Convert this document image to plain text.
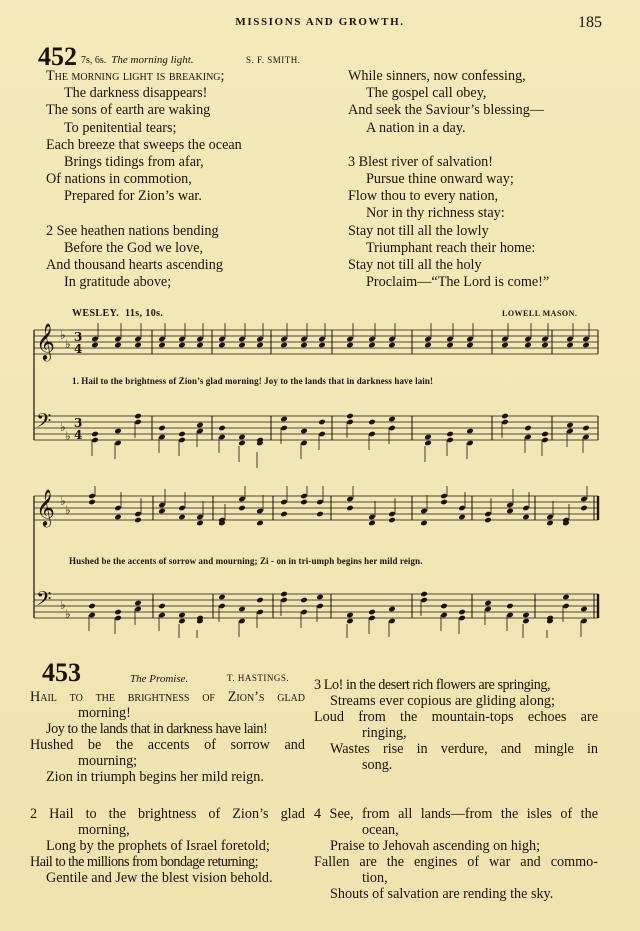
MISSIONS AND GROWTH.	185
452 7s, 6s. The morning light.	S. F. SMITH.
The morning light is breaking;
The darkness disappears!
The sons of earth are waking
To penitential tears;
Each breeze that sweeps the ocean
Brings tidings from afar,
Of nations in commotion,
Prepared for Zion’s war.
2 See heathen nations bending
Before the God we love,
And thousand hearts ascending
In gratitude above;
While sinners, now confessing,
The gospel call obey,
And seek the Saviour’s blessing—
A nation in a day.
3 Blest river of salvation!
Pursue thine onward way;
Flow thou to every nation,
Nor in thy richness stay:
Stay not till all the lowly
Triumphant reach their home:
Stay not till all the holy
Proclaim—“The Lord is come!”
WESLEY. 11s, 10s.	LOWELL MASON.
𝄞 ♭
♭ 3
4
𝄢 ♭
♭
3
4
1. Hail to the brightness of Zion’s glad morning! Joy to the lands that in darkness have lain!
𝄞 ♭
♭
𝄢 ♭
♭
Hushed be the accents of sorrow and mourning; Zi - on in tri-umph begins her mild reign.
453	The Promise.	T. HASTINGS.
Hail to the brightness of Zion’s glad
morning!
Joy to the lands that in darkness have lain!
Hushed be the accents of sorrow and
mourning;
Zion in triumph begins her mild reign.
2 Hail to the brightness of Zion’s glad
morning,
Long by the prophets of Israel foretold;
Hail to the millions from bondage returning;
Gentile and Jew the blest vision behold.
3 Lo! in the desert rich flowers are springing,
Streams ever copious are gliding along;
Loud from the mountain-tops echoes are
ringing,
Wastes rise in verdure, and mingle in
song.
4 See, from all lands—from the isles of the
ocean,
Praise to Jehovah ascending on high;
Fallen are the engines of war and commo-
tion,
Shouts of salvation are rending the sky.
